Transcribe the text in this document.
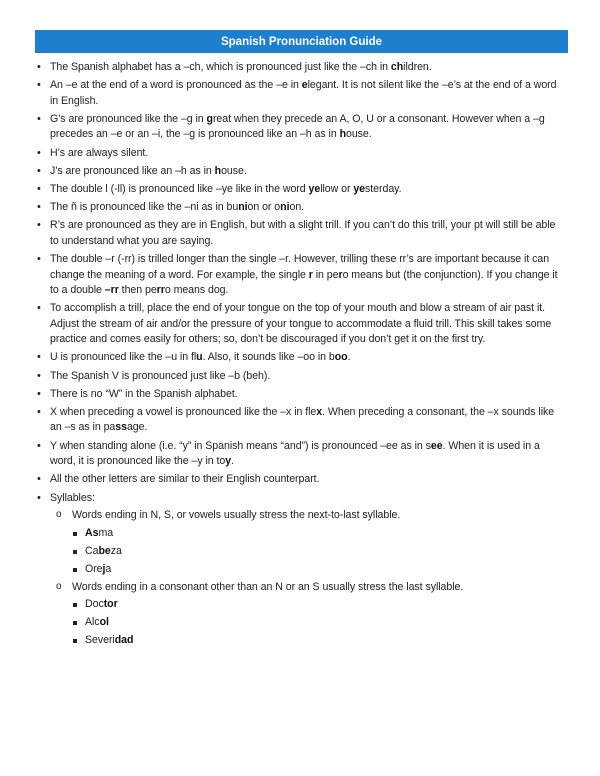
Spanish Pronunciation Guide
• The Spanish alphabet has a –ch, which is pronounced just like the –ch in children.
• An –e at the end of a word is pronounced as the –e in elegant. It is not silent like the –e’s at the end of a word in English.
• G’s are pronounced like the –g in great when they precede an A, O, U or a consonant. However when a –g precedes an –e or an –i, the –g is pronounced like an –h as in house.
• H’s are always silent.
• J’s are pronounced like an –h as in house.
• The double l (-ll) is pronounced like –ye like in the word yellow or yesterday.
• The ñ is pronounced like the –ni as in bunion or onion.
• R’s are pronounced as they are in English, but with a slight trill. If you can’t do this trill, your pt will still be able to understand what you are saying.
• The double –r (-rr) is trilled longer than the single –r. However, trilling these rr’s are important because it can change the meaning of a word. For example, the single r in pero means but (the conjunction). If you change it to a double –rr then perro means dog.
• To accomplish a trill, place the end of your tongue on the top of your mouth and blow a stream of air past it. Adjust the stream of air and/or the pressure of your tongue to accommodate a fluid trill. This skill takes some practice and comes easily for others; so, don’t be discouraged if you don’t get it on the first try.
• U is pronounced like the –u in flu. Also, it sounds like –oo in boo.
• The Spanish V is pronounced just like –b (beh).
• There is no “W” in the Spanish alphabet.
• X when preceding a vowel is pronounced like the –x in flex. When preceding a consonant, the –x sounds like an –s as in passage.
• Y when standing alone (i.e. “y” in Spanish means “and”) is pronounced –ee as in see. When it is used in a word, it is pronounced like the –y in toy.
• All the other letters are similar to their English counterpart.
• Syllables:
o Words ending in N, S, or vowels usually stress the next-to-last syllable.
Asma
Cabeza
Oreja
o Words ending in a consonant other than an N or an S usually stress the last syllable.
Doctor
Alcol
Severidad
